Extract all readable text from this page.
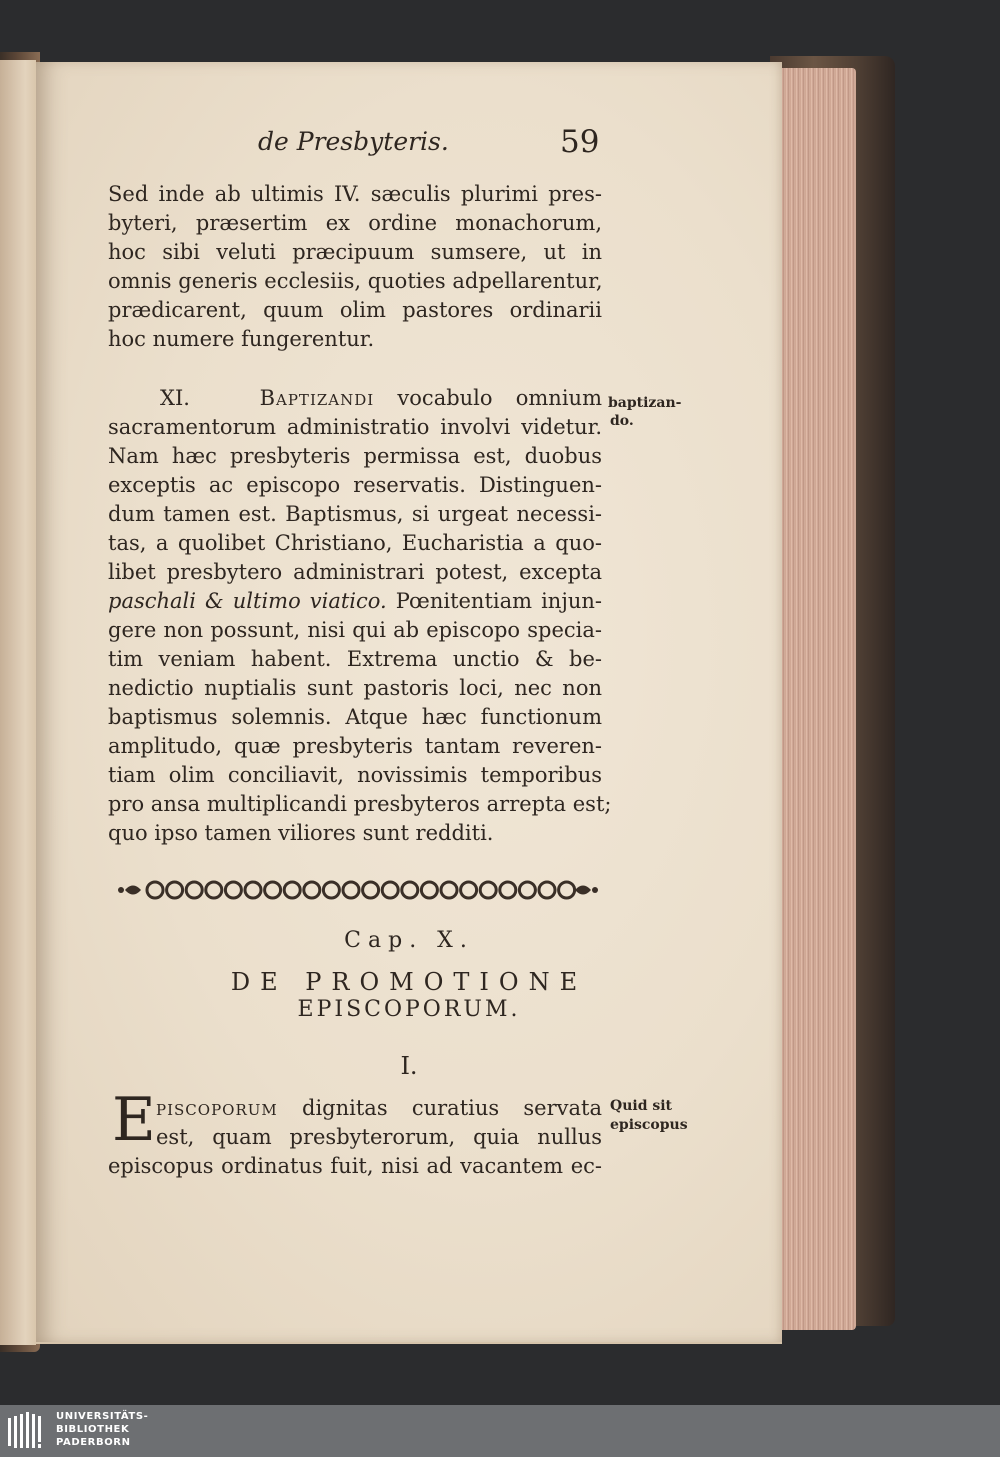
de Presbyteris.	59
Sed inde ab ultimis IV. sæculis plurimi pres-
byteri, præsertim ex ordine monachorum,
hoc sibi veluti præcipuum sumsere, ut in
omnis generis ecclesiis, quoties adpellarentur,
prædicarent, quum olim pastores ordinarii
hoc numere fungerentur.
XI.	Baptizandi vocabulo omnium
sacramentorum administratio involvi videtur.
Nam hæc presbyteris permissa est, duobus
exceptis ac episcopo reservatis. Distinguen-
dum tamen est. Baptismus, si urgeat necessi-
tas, a quolibet Christiano, Eucharistia a quo-
libet presbytero administrari potest, excepta
paschali & ultimo viatico. Pœnitentiam injun-
gere non possunt, nisi qui ab episcopo specia-
tim veniam habent. Extrema unctio & be-
nedictio nuptialis sunt pastoris loci, nec non
baptismus solemnis. Atque hæc functionum
amplitudo, quæ presbyteris tantam reveren-
tiam olim conciliavit, novissimis temporibus
pro ansa multiplicandi presbyteros arrepta est;
quo ipso tamen viliores sunt redditi.
Cap. X.
DE PROMOTIONE
EPISCOPORUM.
I.
E piscoporum dignitas curatius servata
est, quam presbyterorum, quia nullus
episcopus ordinatus fuit, nisi ad vacantem ec-
baptizan-
do.
Quid sit
episcopus
UNIVERSITÄTS-
BIBLIOTHEK
PADERBORN
